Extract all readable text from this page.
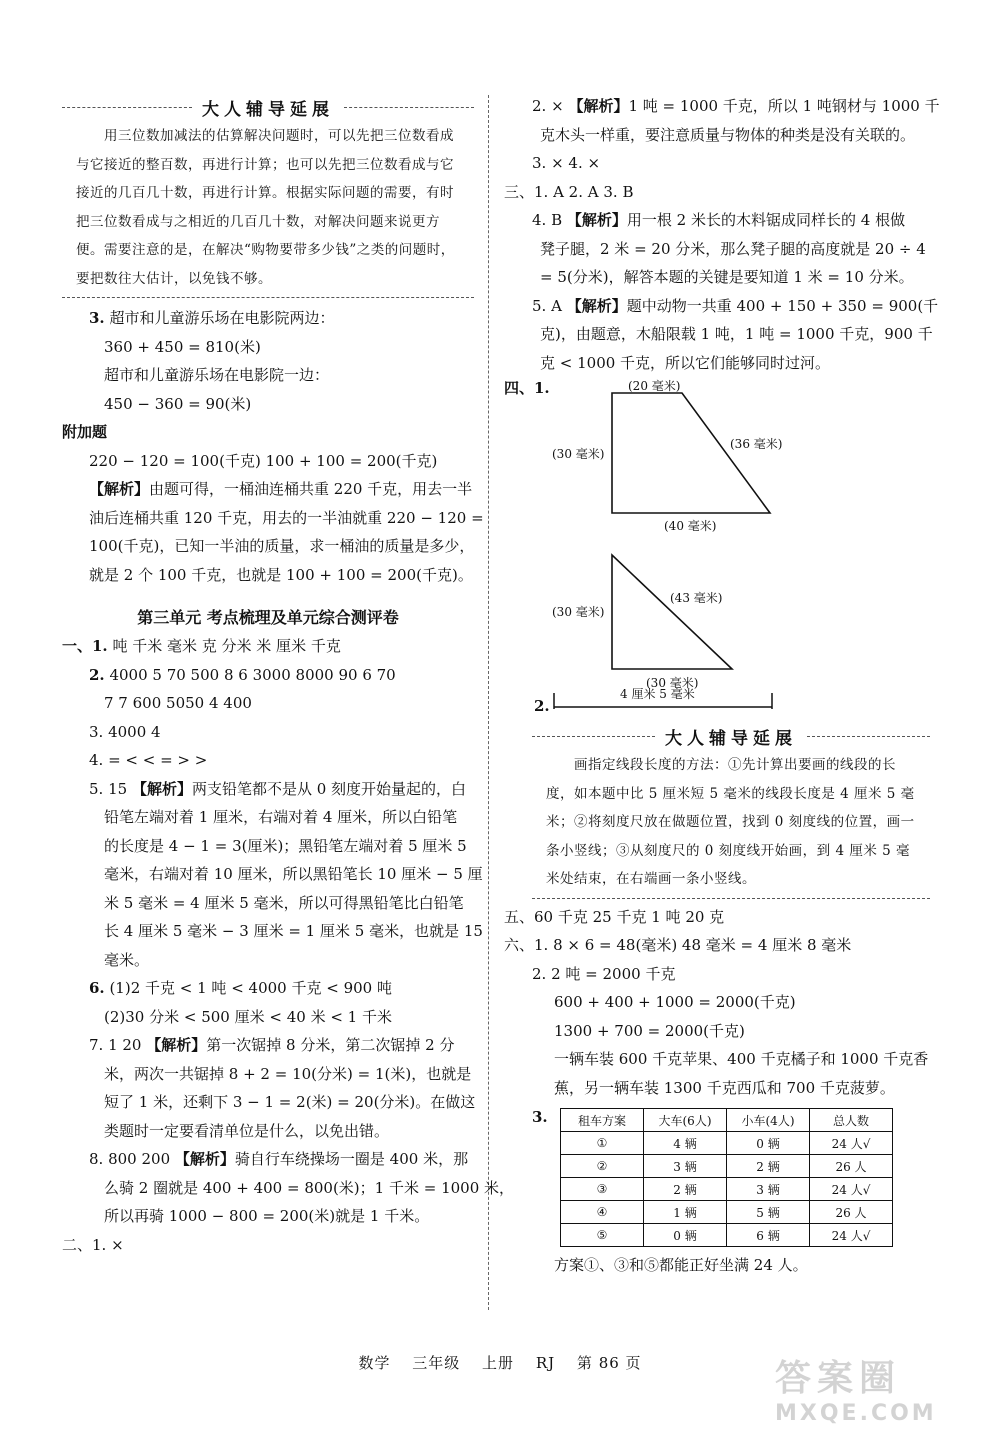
大人辅导延展
用三位数加减法的估算解决问题时，可以先把三位数看成与它接近的整百数，再进行计算；也可以先把三位数看成与它接近的几百几十数，再进行计算。根据实际问题的需要，有时把三位数看成与之相近的几百几十数，对解决问题来说更方便。需要注意的是，在解决“购物要带多少钱”之类的问题时，要把数往大估计，以免钱不够。
3. 超市和儿童游乐场在电影院两边：
360 + 450 = 810(米)
超市和儿童游乐场在电影院一边：
450 − 360 = 90(米)
附加题
220 − 120 = 100(千克) 100 + 100 = 200(千克)
【解析】由题可得，一桶油连桶共重 220 千克，用去一半
油后连桶共重 120 千克，用去的一半油就重 220 − 120 =
100(千克)，已知一半油的质量，求一桶油的质量是多少，
就是 2 个 100 千克，也就是 100 + 100 = 200(千克)。
第三单元 考点梳理及单元综合测评卷
一、1. 吨 千米 毫米 克 分米 米 厘米 千克
2. 4000 5 70 500 8 6 3000 8000 90 6 70
7 7 600 5050 4 400
3. 4000 4
4. = < < = > >
5. 15 【解析】两支铅笔都不是从 0 刻度开始量起的，白
铅笔左端对着 1 厘米，右端对着 4 厘米，所以白铅笔
的长度是 4 − 1 = 3(厘米)；黑铅笔左端对着 5 厘米 5
毫米，右端对着 10 厘米，所以黑铅笔长 10 厘米 − 5 厘
米 5 毫米 = 4 厘米 5 毫米，所以可得黑铅笔比白铅笔
长 4 厘米 5 毫米 − 3 厘米 = 1 厘米 5 毫米，也就是 15
毫米。
6. (1)2 千克 < 1 吨 < 4000 千克 < 900 吨
(2)30 分米 < 500 厘米 < 40 米 < 1 千米
7. 1 20 【解析】第一次锯掉 8 分米，第二次锯掉 2 分
米，两次一共锯掉 8 + 2 = 10(分米) = 1(米)，也就是
短了 1 米，还剩下 3 − 1 = 2(米) = 20(分米)。在做这
类题时一定要看清单位是什么，以免出错。
8. 800 200 【解析】骑自行车绕操场一圈是 400 米，那
么骑 2 圈就是 400 + 400 = 800(米)；1 千米 = 1000 米，
所以再骑 1000 − 800 = 200(米)就是 1 千米。
二、1. ×
2. × 【解析】1 吨 = 1000 千克，所以 1 吨钢材与 1000 千
克木头一样重，要注意质量与物体的种类是没有关联的。
3. × 4. ×
三、1. A 2. A 3. B
4. B 【解析】用一根 2 米长的木料锯成同样长的 4 根做
凳子腿，2 米 = 20 分米，那么凳子腿的高度就是 20 ÷ 4
= 5(分米)，解答本题的关键是要知道 1 米 = 10 分米。
5. A 【解析】题中动物一共重 400 + 150 + 350 = 900(千
克)，由题意，木船限载 1 吨，1 吨 = 1000 千克，900 千
克 < 1000 千克，所以它们能够同时过河。
四、1.	(20 毫米)
(30 毫米)
(36 毫米)
(40 毫米)
(30 毫米)
(43 毫米)
(30 毫米)
2.
4 厘米 5 毫米
大人辅导延展
画指定线段长度的方法：①先计算出要画的线段的长度，如本题中比 5 厘米短 5 毫米的线段长度是 4 厘米 5 毫米；②将刻度尺放在做题位置，找到 0 刻度线的位置，画一条小竖线；③从刻度尺的 0 刻度线开始画，到 4 厘米 5 毫米处结束，在右端画一条小竖线。
五、60 千克 25 千克 1 吨 20 克
六、1. 8 × 6 = 48(毫米) 48 毫米 = 4 厘米 8 毫米
2. 2 吨 = 2000 千克
600 + 400 + 1000 = 2000(千克)
1300 + 700 = 2000(千克)
一辆车装 600 千克苹果、400 千克橘子和 1000 千克香
蕉，另一辆车装 1300 千克西瓜和 700 千克菠萝。
3.	租车方案	大车(6人)	小车(4人)	总人数
①	4 辆	0 辆	24 人√
②	3 辆	2 辆	26 人
③	2 辆	3 辆	24 人√
④	1 辆	5 辆	26 人
⑤	0 辆	6 辆	24 人√
方案①、③和⑤都能正好坐满 24 人。
数学 三年级 上册 RJ 第 86 页	答案圈
MXQE.COM
